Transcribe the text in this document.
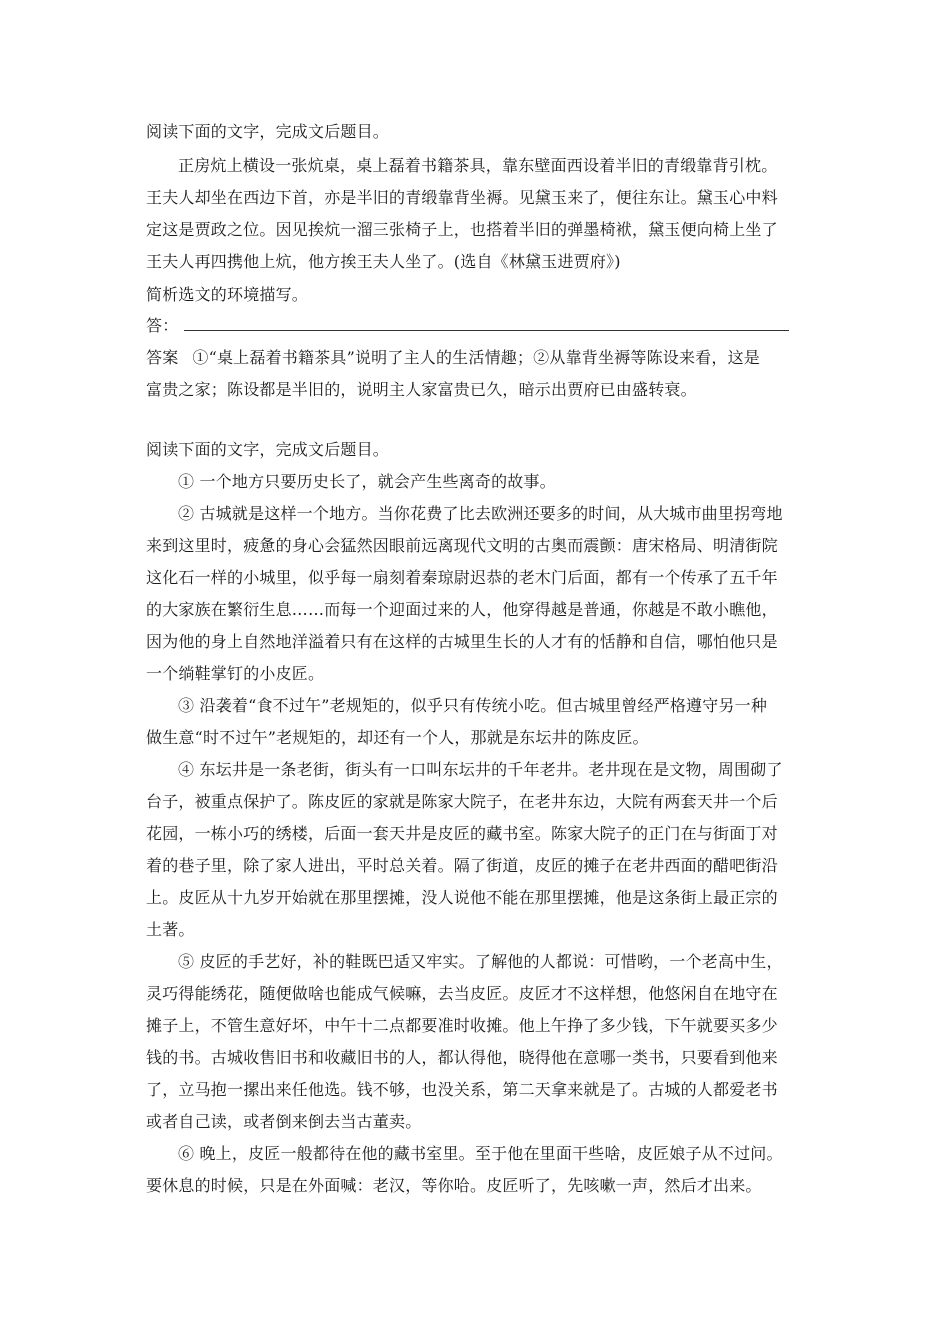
阅读下面的文字，完成文后题目。
正房炕上横设一张炕桌，桌上磊着书籍茶具，靠东壁面西设着半旧的青缎靠背引枕。
王夫人却坐在西边下首，亦是半旧的青缎靠背坐褥。见黛玉来了，便往东让。黛玉心中料
定这是贾政之位。因见挨炕一溜三张椅子上，也搭着半旧的弹墨椅袱，黛玉便向椅上坐了
王夫人再四携他上炕，他方挨王夫人坐了。(选自《林黛玉进贾府》)
简析选文的环境描写。
答：
答案 ①“桌上磊着书籍茶具”说明了主人的生活情趣；②从靠背坐褥等陈设来看，这是
富贵之家；陈设都是半旧的，说明主人家富贵已久，暗示出贾府已由盛转衰。
阅读下面的文字，完成文后题目。
① 一个地方只要历史长了，就会产生些离奇的故事。
② 古城就是这样一个地方。当你花费了比去欧洲还要多的时间，从大城市曲里拐弯地
来到这里时，疲惫的身心会猛然因眼前远离现代文明的古奥而震颤：唐宋格局、明清街院
这化石一样的小城里，似乎每一扇刻着秦琼尉迟恭的老木门后面，都有一个传承了五千年
的大家族在繁衍生息……而每一个迎面过来的人，他穿得越是普通，你越是不敢小瞧他，
因为他的身上自然地洋溢着只有在这样的古城里生长的人才有的恬静和自信，哪怕他只是
一个绱鞋掌钉的小皮匠。
③ 沿袭着“食不过午”老规矩的，似乎只有传统小吃。但古城里曾经严格遵守另一种
做生意“时不过午”老规矩的，却还有一个人，那就是东坛井的陈皮匠。
④ 东坛井是一条老街，街头有一口叫东坛井的千年老井。老井现在是文物，周围砌了
台子，被重点保护了。陈皮匠的家就是陈家大院子，在老井东边，大院有两套天井一个后
花园，一栋小巧的绣楼，后面一套天井是皮匠的藏书室。陈家大院子的正门在与街面丁对
着的巷子里，除了家人进出，平时总关着。隔了街道，皮匠的摊子在老井西面的醋吧街沿
上。皮匠从十九岁开始就在那里摆摊，没人说他不能在那里摆摊，他是这条街上最正宗的
土著。
⑤ 皮匠的手艺好，补的鞋既巴适又牢实。了解他的人都说：可惜哟，一个老高中生，
灵巧得能绣花，随便做啥也能成气候嘛，去当皮匠。皮匠才不这样想，他悠闲自在地守在
摊子上，不管生意好坏，中午十二点都要准时收摊。他上午挣了多少钱，下午就要买多少
钱的书。古城收售旧书和收藏旧书的人，都认得他，晓得他在意哪一类书，只要看到他来
了，立马抱一摞出来任他选。钱不够，也没关系，第二天拿来就是了。古城的人都爱老书
或者自己读，或者倒来倒去当古董卖。
⑥ 晚上，皮匠一般都待在他的藏书室里。至于他在里面干些啥，皮匠娘子从不过问。
要休息的时候，只是在外面喊：老汉，等你哈。皮匠听了，先咳嗽一声，然后才出来。
